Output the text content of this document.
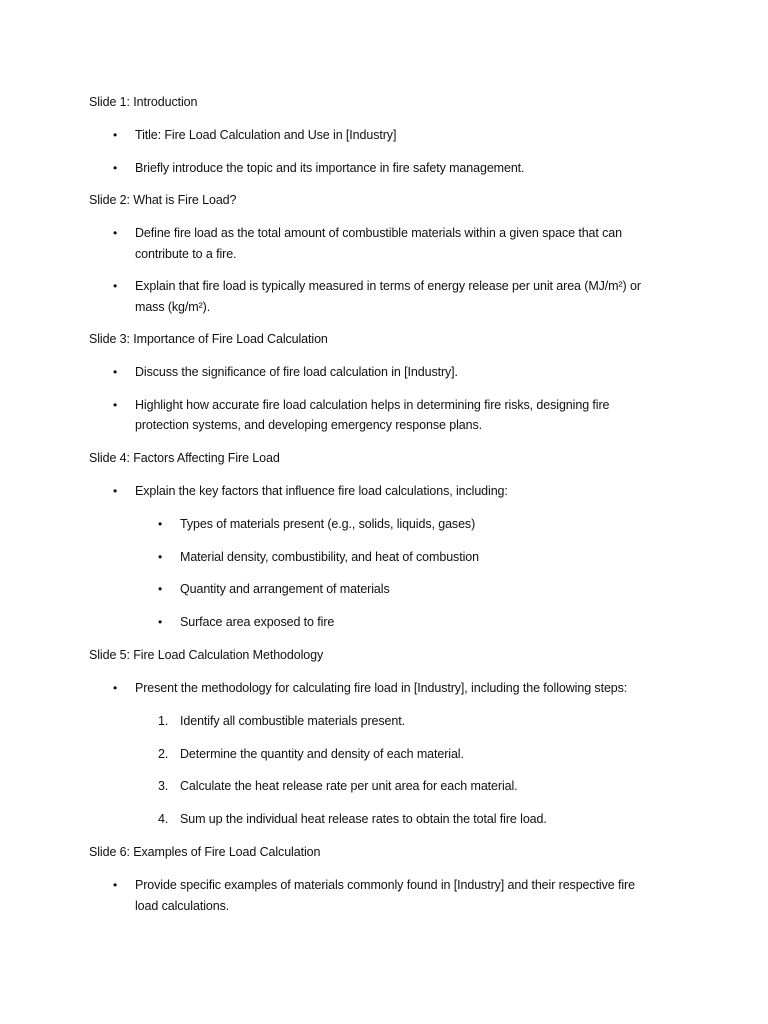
Slide 1: Introduction
• Title: Fire Load Calculation and Use in [Industry]
• Briefly introduce the topic and its importance in fire safety management.
Slide 2: What is Fire Load?
• Define fire load as the total amount of combustible materials within a given space that can
contribute to a fire.
• Explain that fire load is typically measured in terms of energy release per unit area (MJ/m²) or
mass (kg/m²).
Slide 3: Importance of Fire Load Calculation
• Discuss the significance of fire load calculation in [Industry].
• Highlight how accurate fire load calculation helps in determining fire risks, designing fire
protection systems, and developing emergency response plans.
Slide 4: Factors Affecting Fire Load
• Explain the key factors that influence fire load calculations, including:
• Types of materials present (e.g., solids, liquids, gases)
• Material density, combustibility, and heat of combustion
• Quantity and arrangement of materials
• Surface area exposed to fire
Slide 5: Fire Load Calculation Methodology
• Present the methodology for calculating fire load in [Industry], including the following steps:
1. Identify all combustible materials present.
2. Determine the quantity and density of each material.
3. Calculate the heat release rate per unit area for each material.
4. Sum up the individual heat release rates to obtain the total fire load.
Slide 6: Examples of Fire Load Calculation
• Provide specific examples of materials commonly found in [Industry] and their respective fire
load calculations.
